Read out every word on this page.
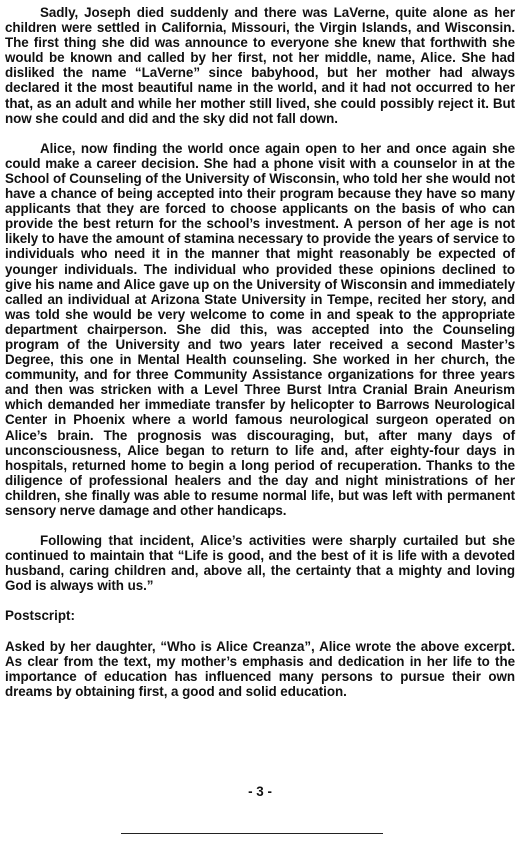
Sadly, Joseph died suddenly and there was LaVerne, quite alone as her children were settled in California, Missouri, the Virgin Islands, and Wisconsin. The first thing she did was announce to everyone she knew that forthwith she would be known and called by her first, not her middle, name, Alice. She had disliked the name “LaVerne” since babyhood, but her mother had always declared it the most beautiful name in the world, and it had not occurred to her that, as an adult and while her mother still lived, she could possibly reject it. But now she could and did and the sky did not fall down.

Alice, now finding the world once again open to her and once again she could make a career decision. She had a phone visit with a counselor in at the School of Counseling of the University of Wisconsin, who told her she would not have a chance of being accepted into their program because they have so many applicants that they are forced to choose applicants on the basis of who can provide the best return for the school’s investment. A person of her age is not likely to have the amount of stamina necessary to provide the years of service to individuals who need it in the manner that might reasonably be expected of younger individuals. The individual who provided these opinions declined to give his name and Alice gave up on the University of Wisconsin and immediately called an individual at Arizona State University in Tempe, recited her story, and was told she would be very welcome to come in and speak to the appropriate department chairperson. She did this, was accepted into the Counseling program of the University and two years later received a second Master’s Degree, this one in Mental Health counseling. She worked in her church, the community, and for three Community Assistance organizations for three years and then was stricken with a Level Three Burst Intra Cranial Brain Aneurism which demanded her immediate transfer by helicopter to Barrows Neurological Center in Phoenix where a world famous neurological surgeon operated on Alice’s brain. The prognosis was discouraging, but, after many days of unconsciousness, Alice began to return to life and, after eighty-four days in hospitals, returned home to begin a long period of recuperation. Thanks to the diligence of professional healers and the day and night ministrations of her children, she finally was able to resume normal life, but was left with permanent sensory nerve damage and other handicaps.

Following that incident, Alice’s activities were sharply curtailed but she continued to maintain that “Life is good, and the best of it is life with a devoted husband, caring children and, above all, the certainty that a mighty and loving God is always with us.”

Postscript:

Asked by her daughter, “Who is Alice Creanza”, Alice wrote the above excerpt. As clear from the text, my mother’s emphasis and dedication in her life to the importance of education has influenced many persons to pursue their own dreams by obtaining first, a good and solid education.

- 3 -
